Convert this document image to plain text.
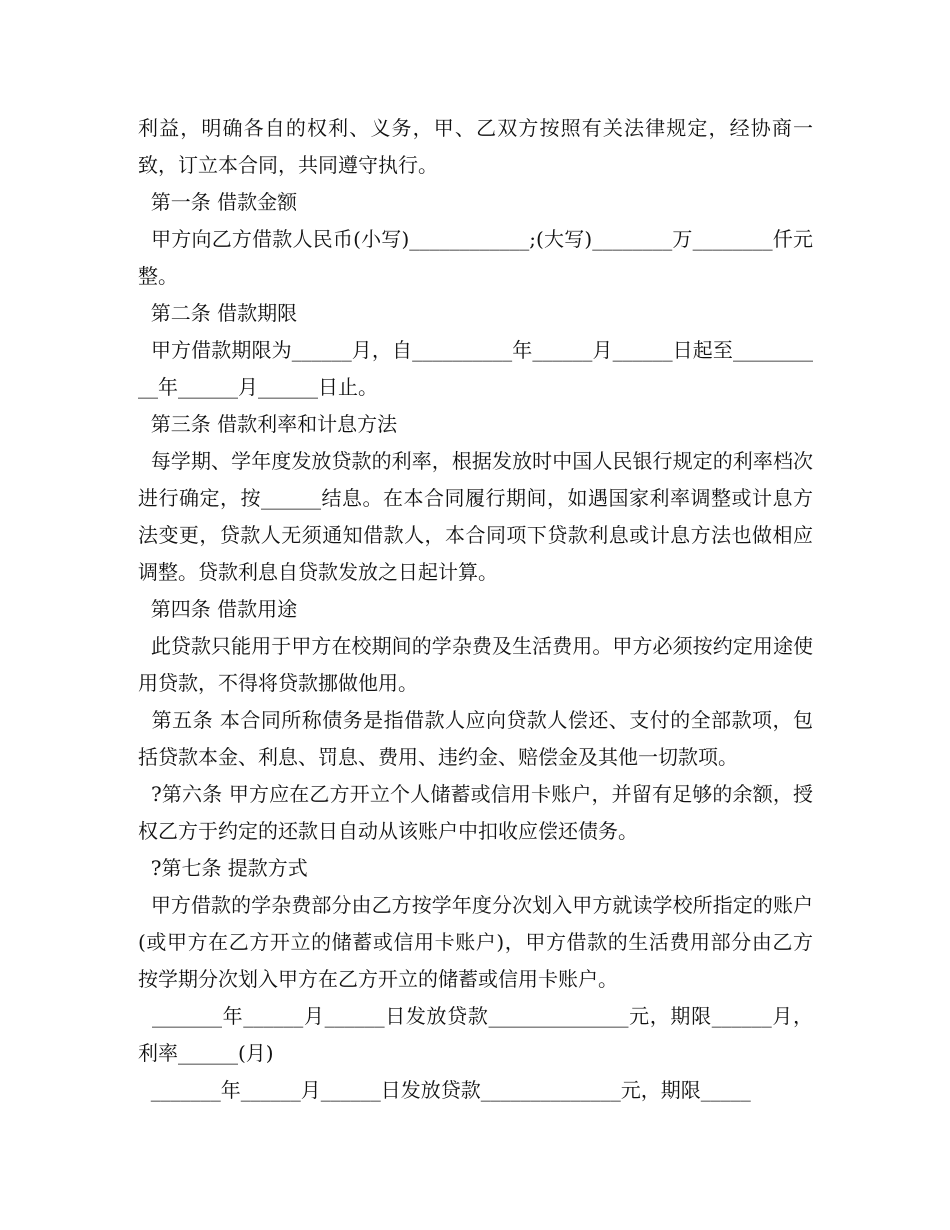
利益，明确各自的权利、义务，甲、乙双方按照有关法律规定，经协商一致，订立本合同，共同遵守执行。

第一条 借款金额

甲方向乙方借款人民币(小写)____________;(大写)________万________仟元整。

第二条 借款期限

甲方借款期限为______月，自__________年______月______日起至__________年______月______日止。

第三条 借款利率和计息方法

每学期、学年度发放贷款的利率，根据发放时中国人民银行规定的利率档次进行确定，按______结息。在本合同履行期间，如遇国家利率调整或计息方法变更，贷款人无须通知借款人，本合同项下贷款利息或计息方法也做相应调整。贷款利息自贷款发放之日起计算。

第四条 借款用途

此贷款只能用于甲方在校期间的学杂费及生活费用。甲方必须按约定用途使用贷款，不得将贷款挪做他用。

第五条 本合同所称债务是指借款人应向贷款人偿还、支付的全部款项，包括贷款本金、利息、罚息、费用、违约金、赔偿金及其他一切款项。

?第六条 甲方应在乙方开立个人储蓄或信用卡账户，并留有足够的余额，授权乙方于约定的还款日自动从该账户中扣收应偿还债务。

?第七条 提款方式

甲方借款的学杂费部分由乙方按学年度分次划入甲方就读学校所指定的账户(或甲方在乙方开立的储蓄或信用卡账户)，甲方借款的生活费用部分由乙方按学期分次划入甲方在乙方开立的储蓄或信用卡账户。

_______年______月______日发放贷款______________元，期限______月，利率______(月)

_______年______月______日发放贷款______________元，期限_____
